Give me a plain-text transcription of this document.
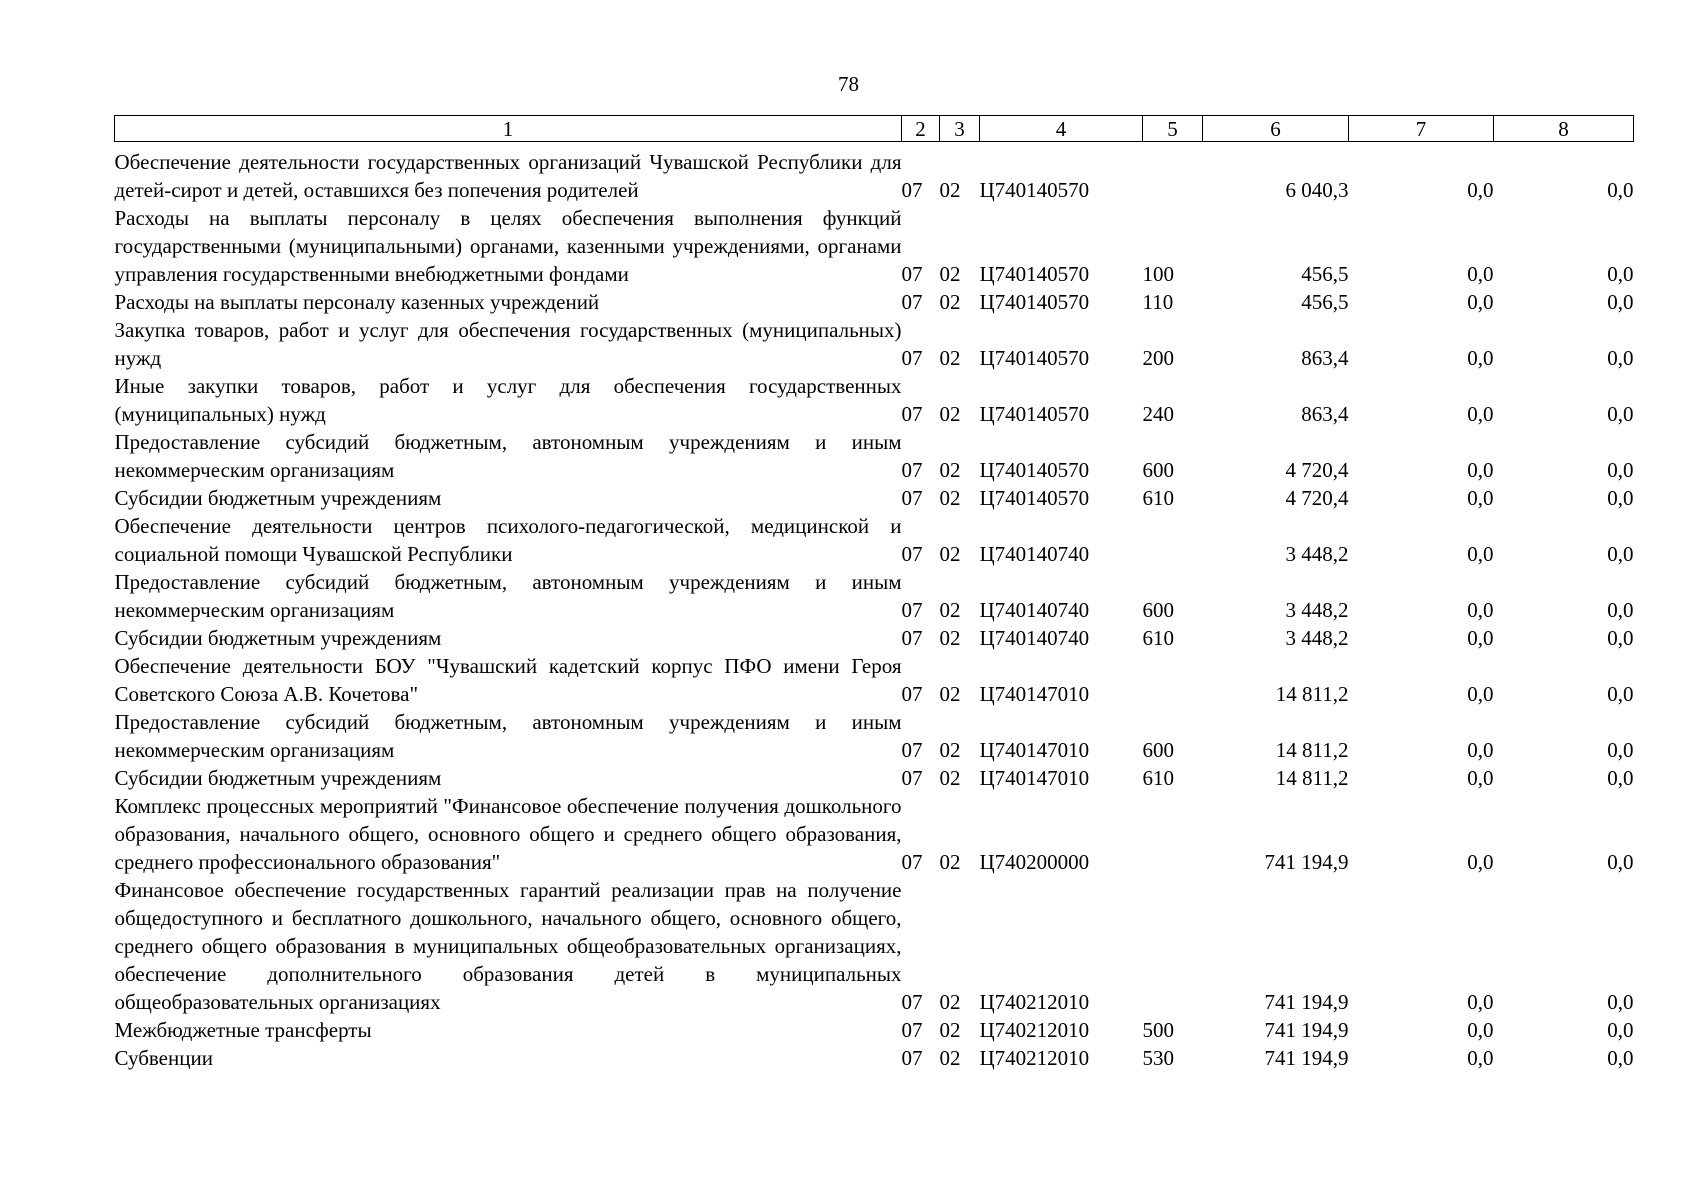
78
1	2	3	4	5	6	7	8

Обеспечение деятельности государственных организаций Чувашской Республики для детей-сирот и детей, оставшихся без попечения родителей	07	02	Ц740140570		6 040,3	0,0	0,0
Расходы на выплаты персоналу в целях обеспечения выполнения функций государственными (муниципальными) органами, казенными учреждениями, органами управления государственными внебюджетными фондами	07	02	Ц740140570	100	456,5	0,0	0,0
Расходы на выплаты персоналу казенных учреждений	07	02	Ц740140570	110	456,5	0,0	0,0
Закупка товаров, работ и услуг для обеспечения государственных (муниципальных) нужд	07	02	Ц740140570	200	863,4	0,0	0,0
Иные закупки товаров, работ и услуг для обеспечения государственных (муниципальных) нужд	07	02	Ц740140570	240	863,4	0,0	0,0
Предоставление субсидий бюджетным, автономным учреждениям и иным некоммерческим организациям	07	02	Ц740140570	600	4 720,4	0,0	0,0
Субсидии бюджетным учреждениям	07	02	Ц740140570	610	4 720,4	0,0	0,0
Обеспечение деятельности центров психолого-педагогической, медицинской и социальной помощи Чувашской Республики	07	02	Ц740140740		3 448,2	0,0	0,0
Предоставление субсидий бюджетным, автономным учреждениям и иным некоммерческим организациям	07	02	Ц740140740	600	3 448,2	0,0	0,0
Субсидии бюджетным учреждениям	07	02	Ц740140740	610	3 448,2	0,0	0,0
Обеспечение деятельности БОУ "Чувашский кадетский корпус ПФО имени Героя Советского Союза А.В. Кочетова"	07	02	Ц740147010		14 811,2	0,0	0,0
Предоставление субсидий бюджетным, автономным учреждениям и иным некоммерческим организациям	07	02	Ц740147010	600	14 811,2	0,0	0,0
Субсидии бюджетным учреждениям	07	02	Ц740147010	610	14 811,2	0,0	0,0
Комплекс процессных мероприятий "Финансовое обеспечение получения дошкольного образования, начального общего, основного общего и среднего общего образования, среднего профессионального образования"	07	02	Ц740200000		741 194,9	0,0	0,0
Финансовое обеспечение государственных гарантий реализации прав на получение общедоступного и бесплатного дошкольного, начального общего, основного общего, среднего общего образования в муниципальных общеобразовательных организациях, обеспечение дополнительного образования детей в муниципальных общеобразовательных организациях	07	02	Ц740212010		741 194,9	0,0	0,0
Межбюджетные трансферты	07	02	Ц740212010	500	741 194,9	0,0	0,0
Субвенции	07	02	Ц740212010	530	741 194,9	0,0	0,0
